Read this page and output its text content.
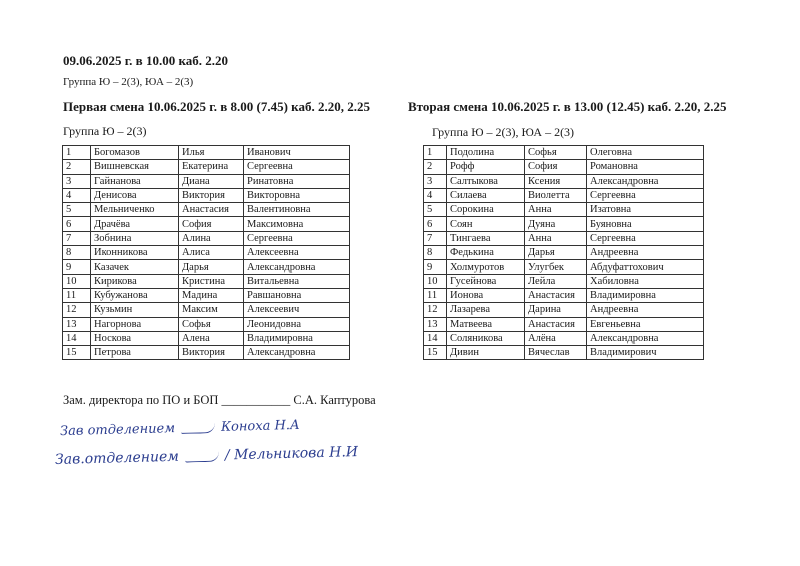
09.06.2025 г. в 10.00 каб. 2.20
Группа Ю – 2(3), ЮА – 2(3)
Первая смена 10.06.2025 г. в 8.00 (7.45) каб. 2.20, 2.25	Вторая смена 10.06.2025 г. в 13.00 (12.45) каб. 2.20, 2.25
Группа Ю – 2(3)	Группа Ю – 2(3), ЮА – 2(3)
1	Богомазов	Илья	Иванович
2	Вишневская	Екатерина	Сергеевна
3	Гайнанова	Диана	Ринатовна
4	Денисова	Виктория	Викторовна
5	Мельниченко	Анастасия	Валентиновна
6	Драчёва	София	Максимовна
7	Зобнина	Алина	Сергеевна
8	Иконникова	Алиса	Алексеевна
9	Казачек	Дарья	Александровна
10	Кирикова	Кристина	Витальевна
11	Кубужанова	Мадина	Равшановна
12	Кузьмин	Максим	Алексеевич
13	Нагорнова	Софья	Леонидовна
14	Носкова	Алена	Владимировна
15	Петрова	Виктория	Александровна
1	Подолина	Софья	Олеговна
2	Рофф	София	Романовна
3	Салтыкова	Ксения	Александровна
4	Силаева	Виолетта	Сергеевна
5	Сорокина	Анна	Изатовна
6	Соян	Дуяна	Буяновна
7	Тингаева	Анна	Сергеевна
8	Федькина	Дарья	Андреевна
9	Холмуротов	Улугбек	Абдуфаттохович
10	Гусейнова	Лейла	Хабиловна
11	Ионова	Анастасия	Владимировна
12	Лазарева	Дарина	Андреевна
13	Матвеева	Анастасия	Евгеньевна
14	Соляникова	Алёна	Александровна
15	Дивин	Вячеслав	Владимирович
Зам. директора по ПО и БОП ___________ С.А. Каптурова
Зав отделением	Коноха Н.А
Зав.отделением	/ Мельникова Н.И
